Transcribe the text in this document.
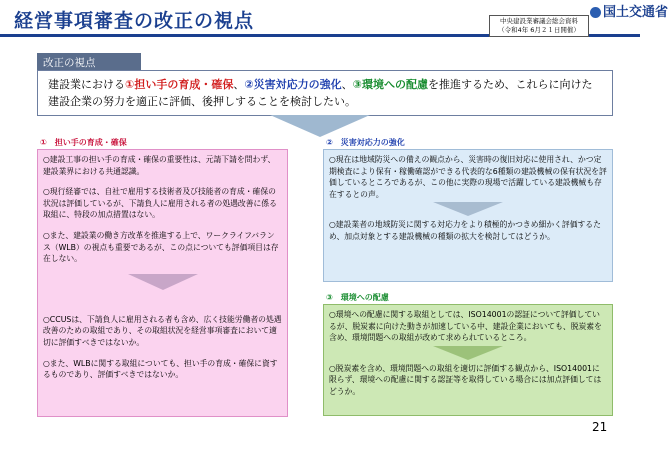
経営事項審査の改正の視点	中央建設業審議会総会資料
（令和4年 6月２１日開催）
国土交通省
改正の視点
建設業における①担い手の育成・確保、②災害対応力の強化、③環境への配慮を推進するため、これらに向けた建設企業の努力を適正に評価、後押しすることを検討したい。
①　担い手の育成・確保
○建設工事の担い手の育成・確保の重要性は、元請下請を問わず、建設業界における共通認識。
○現行経審では、自社で雇用する技術者及び技能者の育成・確保の状況は評価しているが、下請負人に雇用される者の処遇改善に係る取組に、特段の加点措置はない。
○また、建設業の働き方改革を推進する上で、ワークライフバランス（WLB）の視点も重要であるが、この点についても評価項目は存在しない。
○CCUSは、下請負人に雇用される者も含め、広く技能労働者の処遇改善のための取組であり、その取組状況を経営事項審査において適切に評価すべきではないか。
○また、WLBに関する取組についても、担い手の育成・確保に資するものであり、評価すべきではないか。
②　災害対応力の強化
○現在は地域防災への備えの観点から、災害時の復旧対応に使用され、かつ定期検査により保有・稼働確認ができる代表的な6種類の建設機械の保有状況を評価しているところであるが、この他に実際の現場で活躍している建設機械も存在するとの声。
○建設業者の地域防災に関する対応力をより積極的かつきめ細かく評価するため、加点対象とする建設機械の種類の拡大を検討してはどうか。
③　環境への配慮
○環境への配慮に関する取組としては、ISO14001の認証について評価しているが、脱炭素に向けた動きが加速している中、建設企業においても、脱炭素を含め、環境問題への取組が改めて求められているところ。
○脱炭素を含め、環境問題への取組を適切に評価する観点から、ISO14001に限らず、環境への配慮に関する認証等を取得している場合には加点評価してはどうか。
21
